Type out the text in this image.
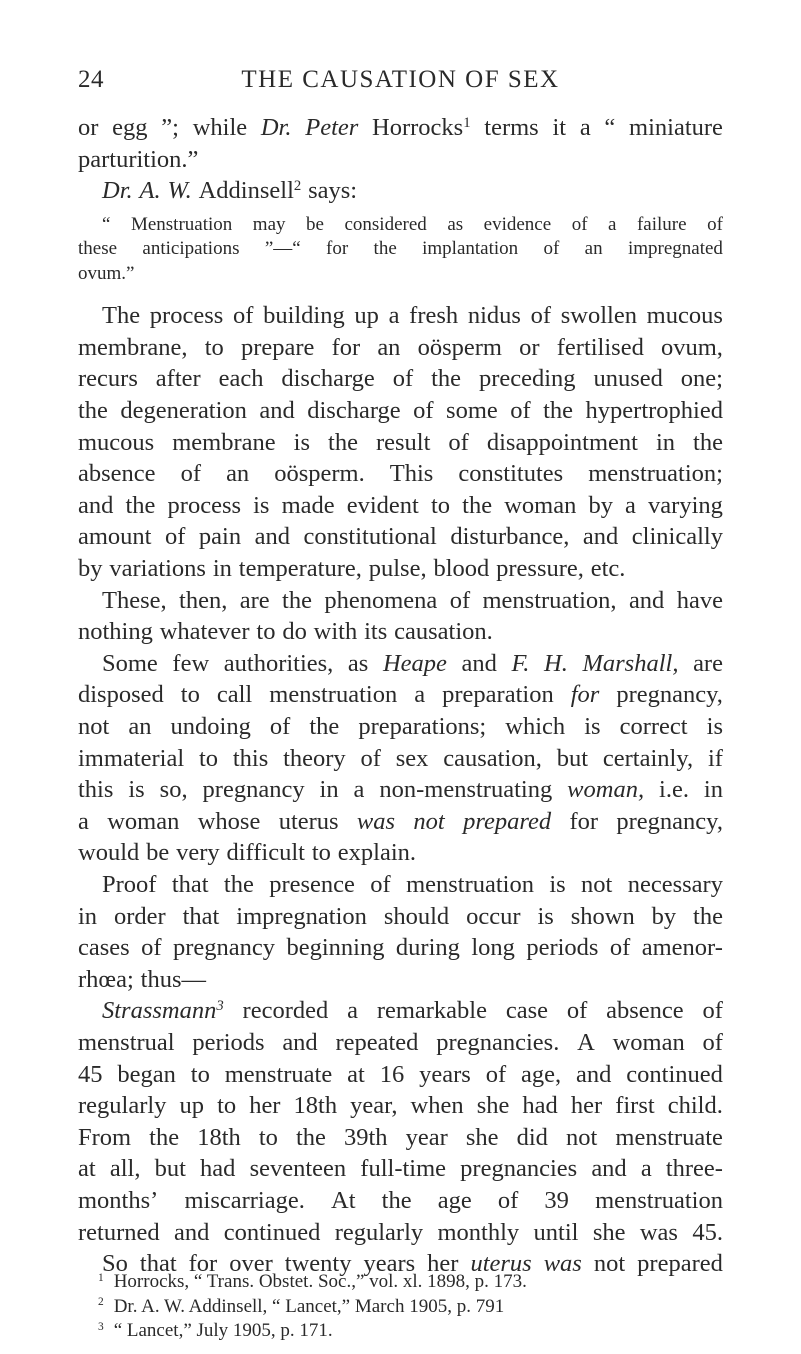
24	THE CAUSATION OF SEX
or egg ”; while Dr. Peter Horrocks$^1$ terms it a “ miniature
parturition.”
Dr. A. W. Addinsell$^2$ says:
“ Menstruation may be considered as evidence of a failure of
these anticipations ”—“ for the implantation of an impregnated
ovum.”
The process of building up a fresh nidus of swollen mucous
membrane, to prepare for an oösperm or fertilised ovum,
recurs after each discharge of the preceding unused one;
the degeneration and discharge of some of the hypertrophied
mucous membrane is the result of disappointment in the
absence of an oösperm. This constitutes menstruation;
and the process is made evident to the woman by a varying
amount of pain and constitutional disturbance, and clinically
by variations in temperature, pulse, blood pressure, etc.
These, then, are the phenomena of menstruation, and have
nothing whatever to do with its causation.
Some few authorities, as Heape and F. H. Marshall, are
disposed to call menstruation a preparation for pregnancy,
not an undoing of the preparations; which is correct is
immaterial to this theory of sex causation, but certainly, if
this is so, pregnancy in a non-menstruating woman, i.e. in
a woman whose uterus was not prepared for pregnancy,
would be very difficult to explain.
Proof that the presence of menstruation is not necessary
in order that impregnation should occur is shown by the
cases of pregnancy beginning during long periods of amenor-
rhœa; thus—
Strassmann$^3$ recorded a remarkable case of absence of
menstrual periods and repeated pregnancies. A woman of
45 began to menstruate at 16 years of age, and continued
regularly up to her 18th year, when she had her first child.
From the 18th to the 39th year she did not menstruate
at all, but had seventeen full-time pregnancies and a three-
months’ miscarriage. At the age of 39 menstruation
returned and continued regularly monthly until she was 45.
So that for over twenty years her uterus was not prepared
$^1$ Horrocks, “ Trans. Obstet. Soc.,” vol. xl. 1898, p. 173.
$^2$ Dr. A. W. Addinsell, “ Lancet,” March 1905, p. 791
$^3$ “ Lancet,” July 1905, p. 171.
